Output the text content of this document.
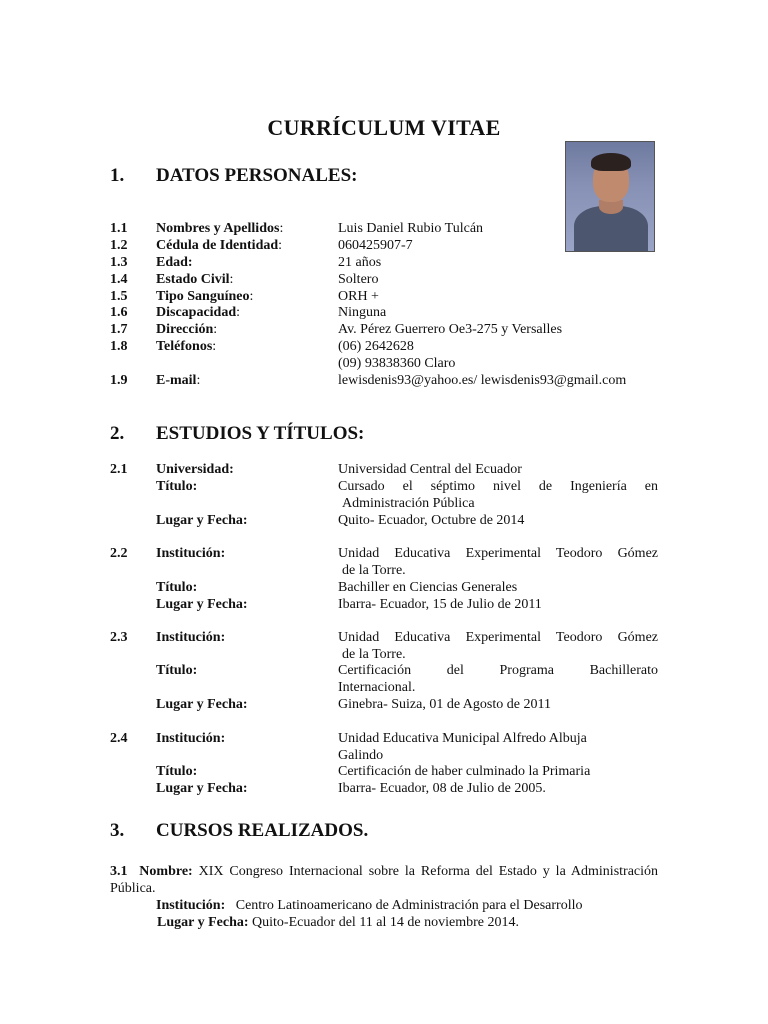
CURRÍCULUM VITAE
1. DATOS PERSONALES:
1.1 Nombres y Apellidos:	Luis Daniel Rubio Tulcán
1.2 Cédula de Identidad:	060425907-7
1.3 Edad:	21 años
1.4 Estado Civil:	Soltero
1.5 Tipo Sanguíneo:	ORH +
1.6 Discapacidad:	Ninguna
1.7 Dirección:	Av. Pérez Guerrero Oe3-275 y Versalles
1.8 Teléfonos:	(06) 2642628
(09) 93838360 Claro
1.9 E-mail:	lewisdenis93@yahoo.es/ lewisdenis93@gmail.com
2. ESTUDIOS Y TÍTULOS:
2.1 Universidad:	Universidad Central del Ecuador
Título:	Cursado el séptimo nivel de Ingeniería en
Administración Pública
Lugar y Fecha:	Quito- Ecuador, Octubre de 2014
2.2 Institución:	Unidad Educativa Experimental Teodoro Gómez
de la Torre.
Título:	Bachiller en Ciencias Generales
Lugar y Fecha:	Ibarra- Ecuador, 15 de Julio de 2011
2.3 Institución:	Unidad Educativa Experimental Teodoro Gómez
de la Torre.
Título:	Certificación del Programa Bachillerato
Internacional.
Lugar y Fecha:	Ginebra- Suiza, 01 de Agosto de 2011
2.4 Institución:	Unidad Educativa Municipal Alfredo Albuja
Galindo
Título:	Certificación de haber culminado la Primaria
Lugar y Fecha:	Ibarra- Ecuador, 08 de Julio de 2005.
3. CURSOS REALIZADOS.
3.1 Nombre: XIX Congreso Internacional sobre la Reforma del Estado y la Administración Pública.
Institución: Centro Latinoamericano de Administración para el Desarrollo
Lugar y Fecha: Quito-Ecuador del 11 al 14 de noviembre 2014.
